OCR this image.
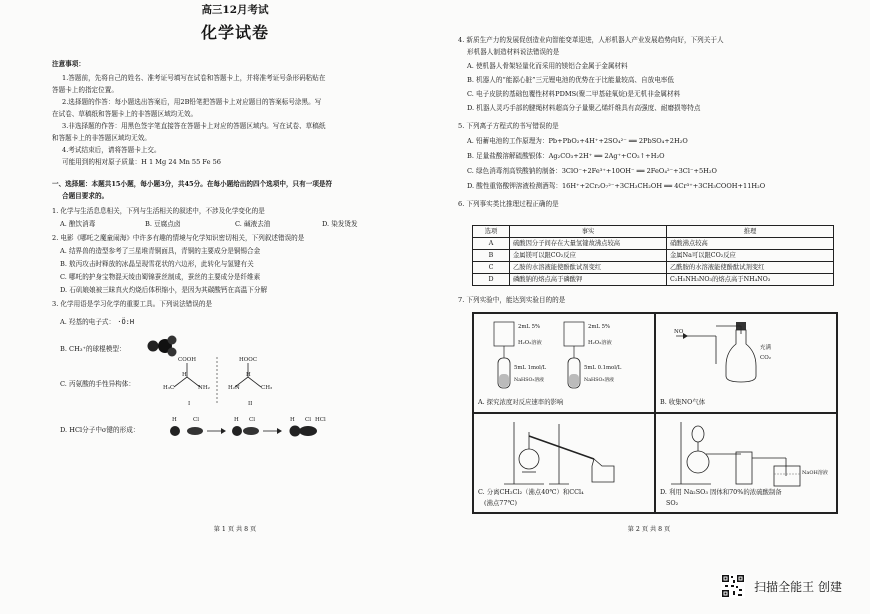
高三12月考试
化学试卷
注意事项：
1.答题前，先将自己的姓名、准考证号填写在试卷和答题卡上，并将准考证号条形码粘贴在
答题卡上的指定位置。
2.选择题的作答：每小题选出答案后，用2B铅笔把答题卡上对应题目的答案标号涂黑。写
在试卷、草稿纸和答题卡上的非答题区域均无效。
3.非选择题的作答：用黑色签字笔直接答在答题卡上对应的答题区域内。写在试卷、草稿纸
和答题卡上的非答题区域均无效。
4.考试结束后，请将答题卡上交。
可能用到的相对原子质量：H 1 Mg 24 Mn 55 Fe 56
一、选择题：本题共15小题，每小题3分，共45分。在每小题给出的四个选项中，只有一项是符
合题目要求的。
1. 化学与生活息息相关，下列与生活相关的叙述中，不涉及化学变化的是
A. 酿饮消毒	B. 豆腐点卤	C. 碱液去油	D. 染发烫发
2. 电影《哪吒之魔童闹海》中许多有趣的情境与化学知识密切相关，下列叙述错误的是
A. 结界兽的造型参考了三星堆青铜面具，青铜的主要成分是铜锡合金
B. 敖丙攻击时释放的冰晶呈现雪花状的六边形，此转化与氢键有关
C. 哪吒的护身宝物混天绫由蜀锦蚕丝制成，蚕丝的主要成分是纤维素
D. 石矶娘娘被三昧真火灼烧后体积缩小，是因为其碳酸钙在高温下分解
3. 化学用语是学习化学的重要工具。下列说法错误的是
A. 羟基的电子式： ·Ö:H
B. CH₃⁺的球棍模型：
C. 丙氨酸的手性异构体：
COOH	HOOC
H₃C	NH₂	H₂N	CH₃
H	H
I	II
D. HCl分子中σ键的形成：
H	Cl	H Cl	H Cl HCl
第 1 页 共 8 页
4. 新质生产力的发展促创造业向智能变革迎进，人形机器人产业发展趋势向好，下列关于人
形机器人制造材料说法错误的是
A. 使机器人骨架轻量化而采用的镁铝合金属于金属材料
B. 机器人的“能源心脏”三元锂电池的优势在于比能量较高、自放电率低
C. 电子皮肤的基础包覆性材料PDMS(聚二甲基硅氧烷)是无机非金属材料
D. 机器人灵巧手部的腱绳材料超高分子量聚乙烯纤维具有高强度、耐磨损等特点
5. 下列离子方程式的书写错误的是
A. 铅蓄电池的工作原理为：Pb+PbO₂+4H⁺+2SO₄²⁻ ══ 2PbSO₄+2H₂O
B. 足量盐酸溶解硫酸银体：Ag₂CO₃+2H⁺ ══ 2Ag⁺+CO₂↑+H₂O
C. 绿色消毒剂高铁酸钠的制备：3ClO⁻+2Fe³⁺+10OH⁻ ══ 2FeO₄²⁻+3Cl⁻+5H₂O
D. 酸性重铬酸钾溶液检测酒驾：16H⁺+2Cr₂O₇²⁻+3CH₃CH₂OH ══ 4Cr³⁺+3CH₃COOH+11H₂O
6. 下列事实类比推理过程正确的是
选项	事实	推理
A	硫酸因分子间存在大量氢键故沸点较高	硝酸沸点较高
B	金属镁可以跟CO₂反应	金属Na可以跟CO₂反应
C	乙胺的水溶液能使酚酞试剂变红	乙酰胺的水溶液能使酚酞试剂变红
D	磷酸钠的熔点高于磷酸钾	C₂H₅NH₃NO₃的熔点高于NH₄NO₃
7. 下列实验中，能达到实验目的的是
2mL 5%
H₂O₂溶液
2mL 5%
H₂O₂溶液
5mL 1mol/L
NaHSO₃溶液
5mL 0.1mol/L
NaHSO₃溶液
A. 探究浓度对反应速率的影响
NO
充满
CO₂
B. 收集NO气体
C. 分离CH₂Cl₂（沸点40℃）和CCl₄
(沸点77℃)
NaOH溶液
D. 利用 Na₂SO₃ 固体和70%的浓硫酸制备
SO₂
第 2 页 共 8 页
扫描全能王 创建
